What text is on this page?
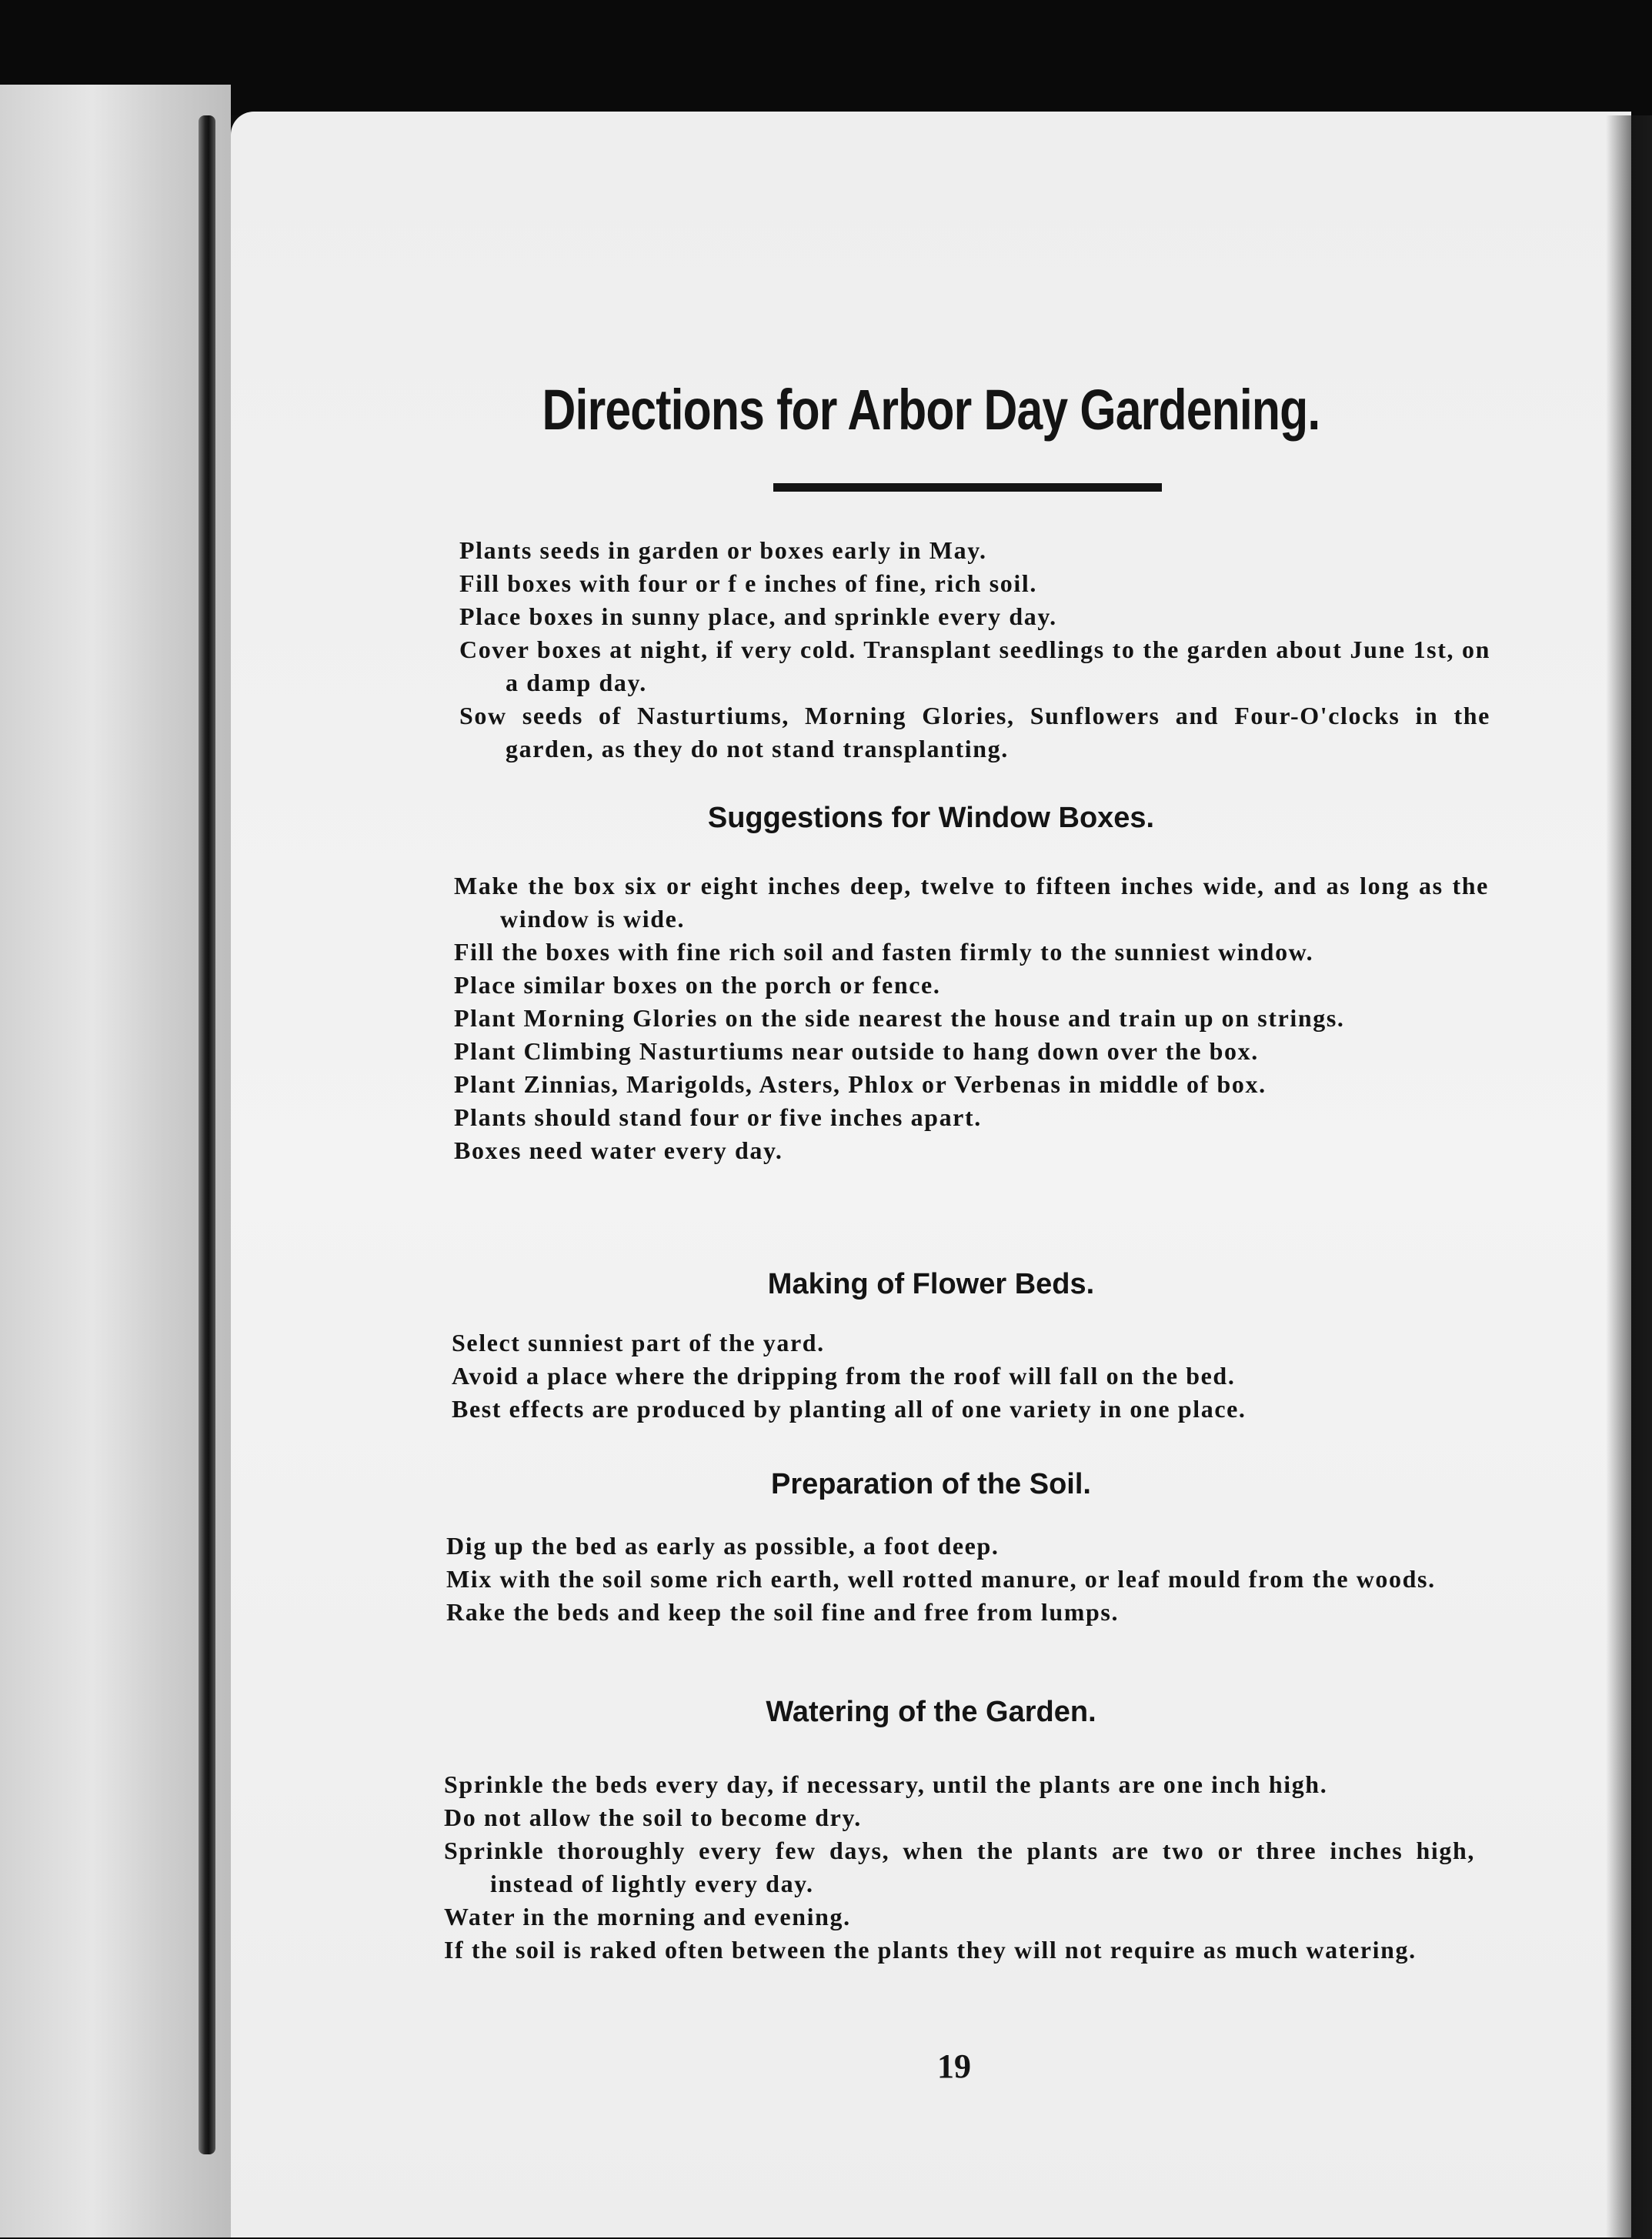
Directions for Arbor Day Gardening.
Plants seeds in garden or boxes early in May.
Fill boxes with four or f e inches of fine, rich soil.
Place boxes in sunny place, and sprinkle every day.
Cover boxes at night, if very cold. Transplant seedlings to the garden about June 1st, on a damp day.
Sow seeds of Nasturtiums, Morning Glories, Sunflowers and Four-O'clocks in the garden, as they do not stand transplanting.
Suggestions for Window Boxes.
Make the box six or eight inches deep, twelve to fifteen inches wide, and as long as the window is wide.
Fill the boxes with fine rich soil and fasten firmly to the sunniest window.
Place similar boxes on the porch or fence.
Plant Morning Glories on the side nearest the house and train up on strings.
Plant Climbing Nasturtiums near outside to hang down over the box.
Plant Zinnias, Marigolds, Asters, Phlox or Verbenas in middle of box.
Plants should stand four or five inches apart.
Boxes need water every day.
Making of Flower Beds.
Select sunniest part of the yard.
Avoid a place where the dripping from the roof will fall on the bed.
Best effects are produced by planting all of one variety in one place.
Preparation of the Soil.
Dig up the bed as early as possible, a foot deep.
Mix with the soil some rich earth, well rotted manure, or leaf mould from the woods.
Rake the beds and keep the soil fine and free from lumps.
Watering of the Garden.
Sprinkle the beds every day, if necessary, until the plants are one inch high.
Do not allow the soil to become dry.
Sprinkle thoroughly every few days, when the plants are two or three inches high, instead of lightly every day.
Water in the morning and evening.
If the soil is raked often between the plants they will not require as much watering.

19
